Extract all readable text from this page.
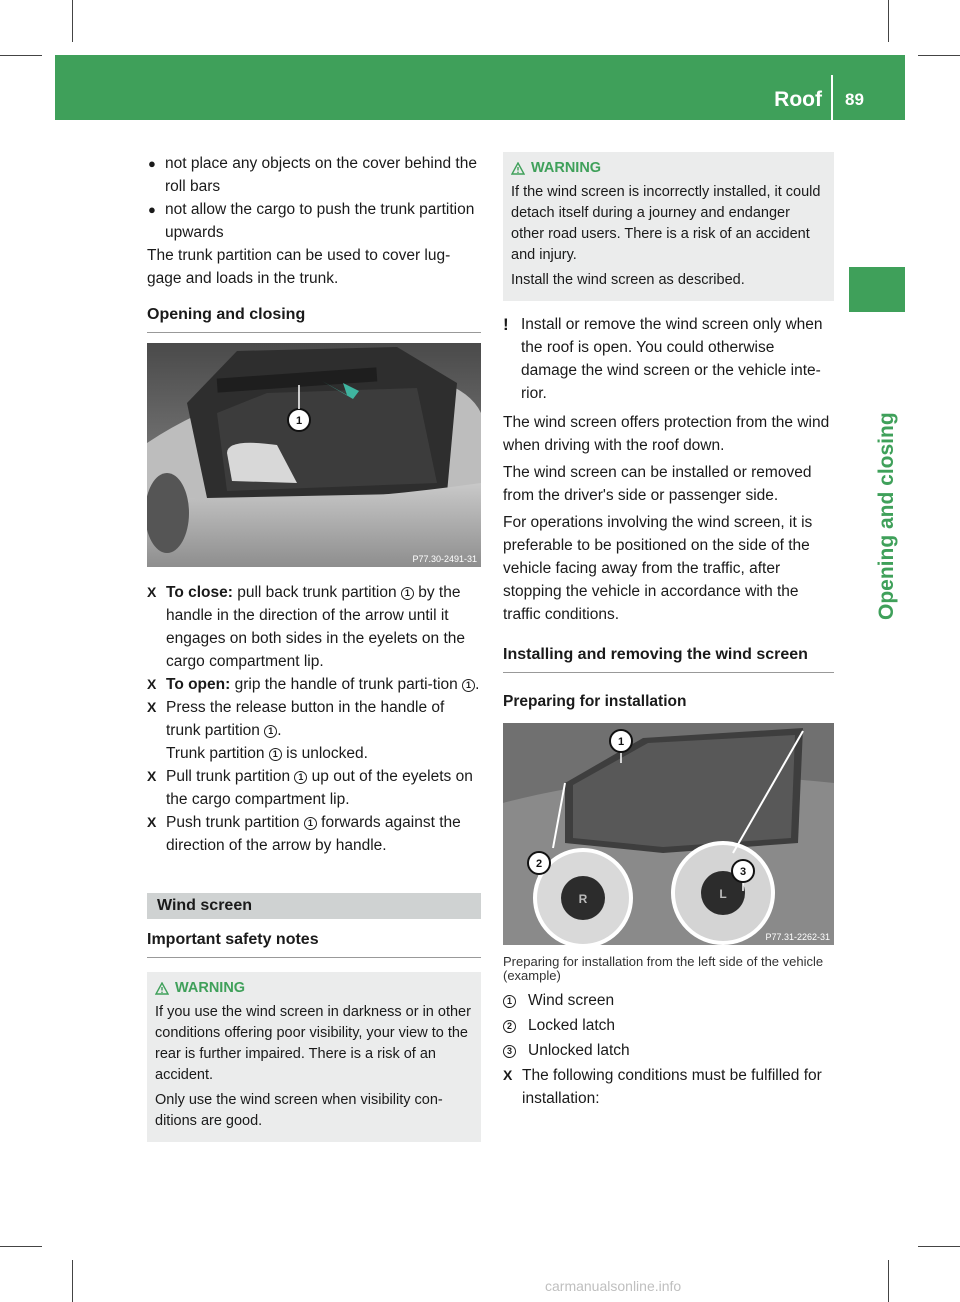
Roof 89
Opening and closing
● not place any objects on the cover behind the roll bars
● not allow the cargo to push the trunk partition upwards

The trunk partition can be used to cover lug-gage and loads in the trunk.

Opening and closing
1
P77.30-2491-31
X To close: pull back trunk partition 1 by the handle in the direction of the arrow until it engages on both sides in the eyelets on the cargo compartment lip.
X To open: grip the handle of trunk parti-tion 1 .
X Press the release button in the handle of trunk partition 1 .
Trunk partition 1 is unlocked.
X Pull trunk partition 1 up out of the eyelets on the cargo compartment lip.
X Push trunk partition 1 forwards against the direction of the arrow by handle.
Wind screen
Important safety notes
WARNING

If you use the wind screen in darkness or in other conditions offering poor visibility, your view to the rear is further impaired. There is a risk of an accident.

Only use the wind screen when visibility con-ditions are good.

WARNING

If the wind screen is incorrectly installed, it could detach itself during a journey and endanger other road users. There is a risk of an accident and injury.

Install the wind screen as described.

! Install or remove the wind screen only when the roof is open. You could otherwise damage the wind screen or the vehicle inte-rior.

The wind screen offers protection from the wind when driving with the roof down.

The wind screen can be installed or removed from the driver's side or passenger side.

For operations involving the wind screen, it is preferable to be positioned on the side of the vehicle facing away from the traffic, after stopping the vehicle in accordance with the traffic conditions.

Installing and removing the wind screen
Preparing for installation
R	L
1
2
3
P77.31-2262-31
Preparing for installation from the left side of the vehicle (example)
1	Wind screen
2	Locked latch
3	Unlocked latch
X The following conditions must be fulfilled for installation:
carmanualsonline.info
